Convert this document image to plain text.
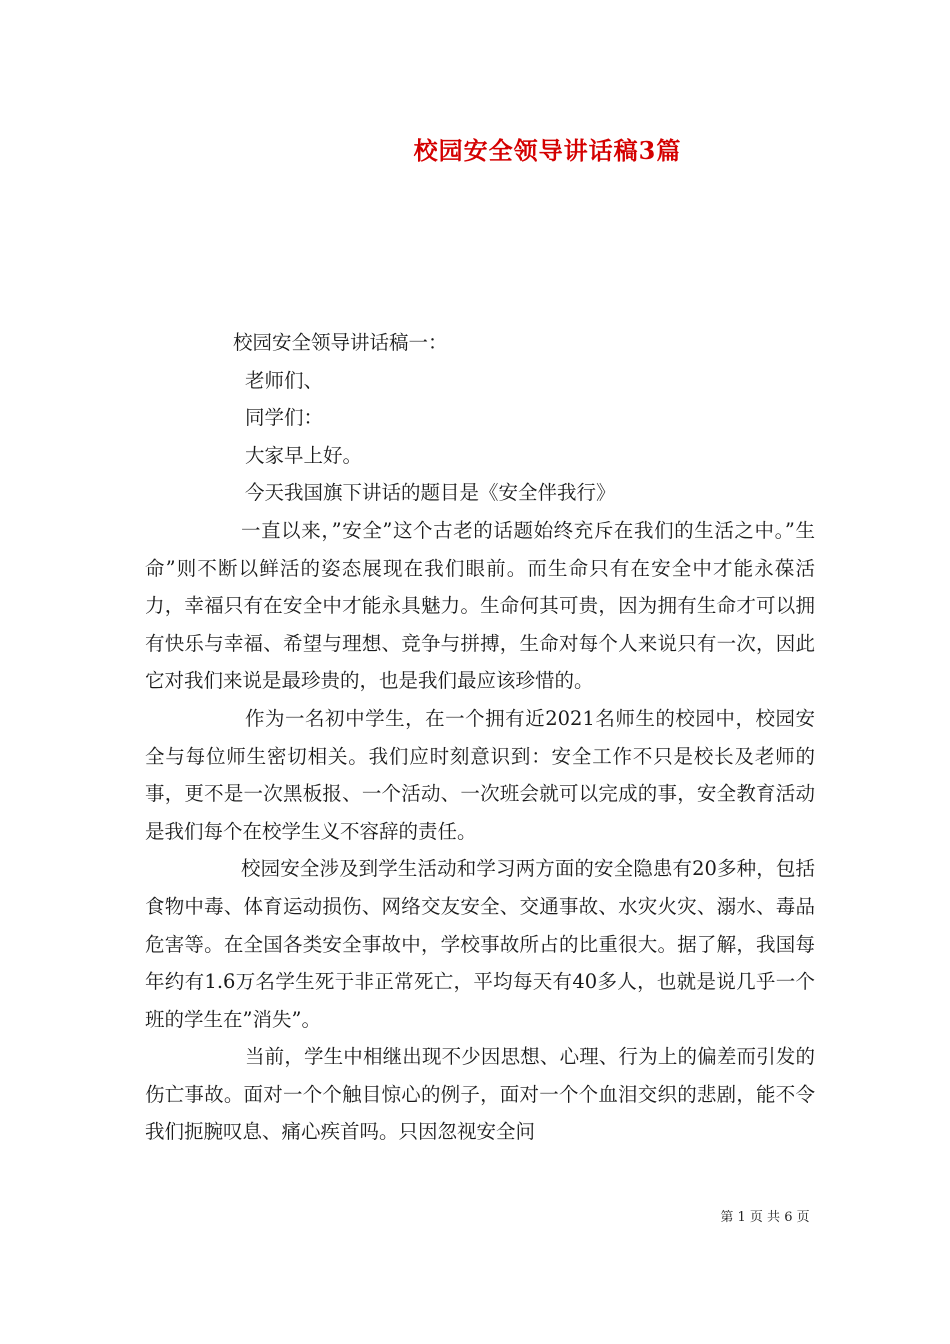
校园安全领导讲话稿3篇

校园安全领导讲话稿一：

老师们、

同学们：

大家早上好。

今天我国旗下讲话的题目是《安全伴我行》

一直以来，”安全”这个古老的话题始终充斥在我们的生活之中。”生命”则不断以鲜活的姿态展现在我们眼前。而生命只有在安全中才能永葆活力，幸福只有在安全中才能永具魅力。生命何其可贵，因为拥有生命才可以拥有快乐与幸福、希望与理想、竞争与拼搏，生命对每个人来说只有一次，因此它对我们来说是最珍贵的，也是我们最应该珍惜的。

作为一名初中学生，在一个拥有近2021名师生的校园中，校园安全与每位师生密切相关。我们应时刻意识到：安全工作不只是校长及老师的事，更不是一次黑板报、一个活动、一次班会就可以完成的事，安全教育活动是我们每个在校学生义不容辞的责任。

校园安全涉及到学生活动和学习两方面的安全隐患有20多种，包括食物中毒、体育运动损伤、网络交友安全、交通事故、水灾火灾、溺水、毒品危害等。在全国各类安全事故中，学校事故所占的比重很大。据了解，我国每年约有1.6万名学生死于非正常死亡，平均每天有40多人，也就是说几乎一个班的学生在”消失”。

当前，学生中相继出现不少因思想、心理、行为上的偏差而引发的伤亡事故。面对一个个触目惊心的例子，面对一个个血泪交织的悲剧，能不令我们扼腕叹息、痛心疾首吗。只因忽视安全问

第 1 页 共 6 页
